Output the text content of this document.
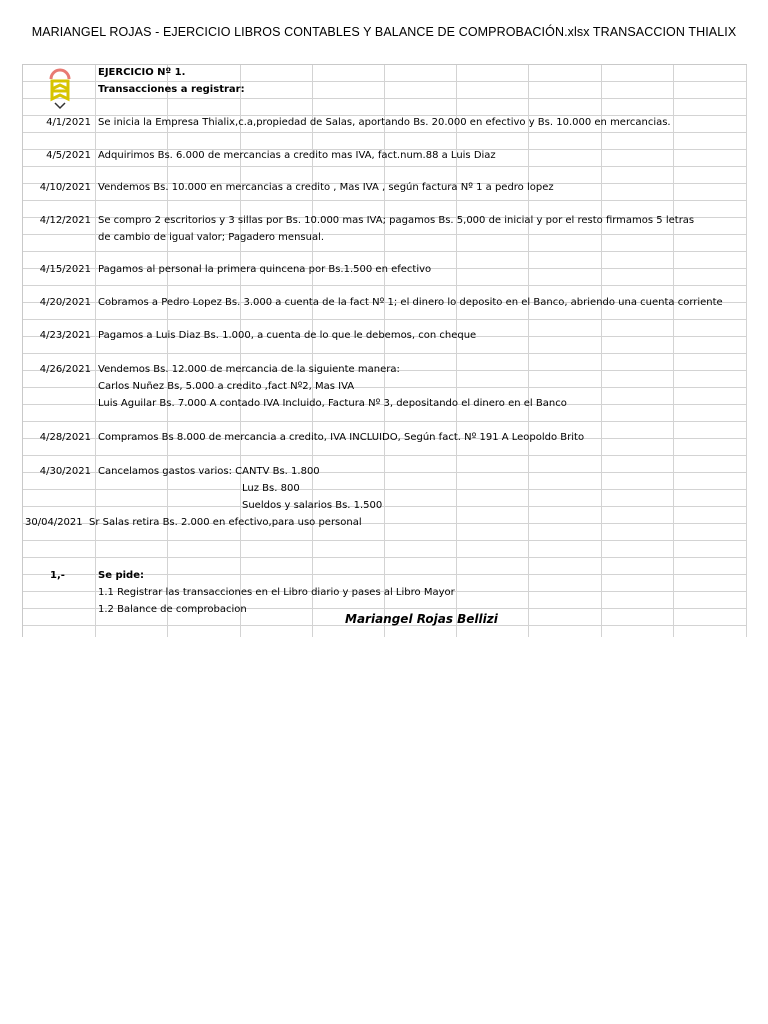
MARIANGEL ROJAS - EJERCICIO LIBROS CONTABLES Y BALANCE DE COMPROBACIÓN.xlsx TRANSACCION THIALIX
EJERCICIO Nº 1.
Transacciones a registrar:
4/1/2021 Se inicia la Empresa Thialix,c.a,propiedad de Salas, aportando Bs. 20.000 en efectivo y Bs. 10.000 en mercancias.
4/5/2021 Adquirimos Bs. 6.000 de mercancias a credito mas IVA, fact.num.88 a Luis Diaz
4/10/2021 Vendemos Bs. 10.000 en mercancias a credito , Mas IVA , según factura Nº 1 a pedro lopez
4/12/2021 Se compro 2 escritorios y 3 sillas por Bs. 10.000 mas IVA; pagamos Bs. 5,000 de inicial y por el resto firmamos 5 letras
de cambio de igual valor; Pagadero mensual.
4/15/2021 Pagamos al personal la primera quincena por Bs.1.500 en efectivo
4/20/2021 Cobramos a Pedro Lopez Bs. 3.000 a cuenta de la fact Nº 1; el dinero lo deposito en el Banco, abriendo una cuenta corriente
4/23/2021 Pagamos a Luis Diaz Bs. 1.000, a cuenta de lo que le debemos, con cheque
4/26/2021 Vendemos Bs. 12.000 de mercancia de la siguiente manera:
Carlos Nuñez Bs, 5.000 a credito ,fact Nº2, Mas IVA
Luis Aguilar Bs. 7.000 A contado IVA Incluido, Factura Nº 3, depositando el dinero en el Banco
4/28/2021 Compramos Bs 8.000 de mercancia a credito, IVA INCLUIDO, Según fact. Nº 191 A Leopoldo Brito
4/30/2021 Cancelamos gastos varios: CANTV Bs. 1.800
Luz Bs. 800
Sueldos y salarios Bs. 1.500
30/04/2021 Sr Salas retira Bs. 2.000 en efectivo,para uso personal
1,-	Se pide:
1.1 Registrar las transacciones en el Libro diario y pases al Libro Mayor
1.2 Balance de comprobacion
Mariangel Rojas Bellizi
